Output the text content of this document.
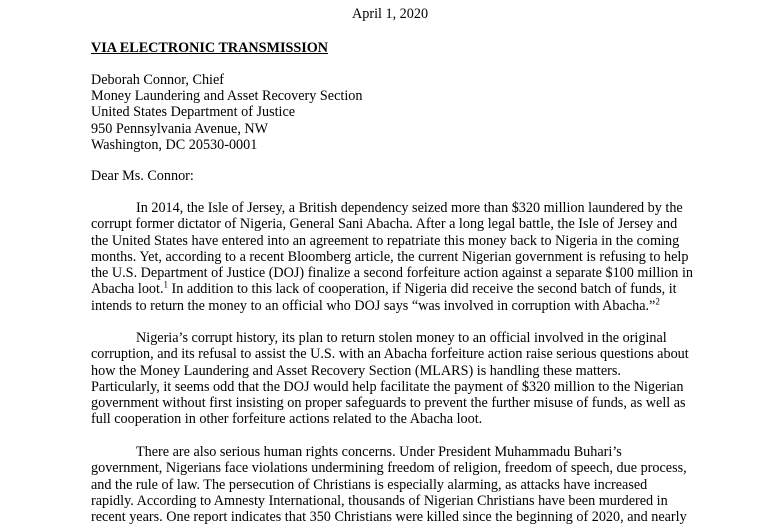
April 1, 2020
VIA ELECTRONIC TRANSMISSION
Deborah Connor, Chief
Money Laundering and Asset Recovery Section
United States Department of Justice
950 Pennsylvania Avenue, NW
Washington, DC 20530-0001
Dear Ms. Connor:
In 2014, the Isle of Jersey, a British dependency seized more than $320 million laundered by the
corrupt former dictator of Nigeria, General Sani Abacha. After a long legal battle, the Isle of Jersey and
the United States have entered into an agreement to repatriate this money back to Nigeria in the coming
months. Yet, according to a recent Bloomberg article, the current Nigerian government is refusing to help
the U.S. Department of Justice (DOJ) finalize a second forfeiture action against a separate $100 million in
Abacha loot.$^1$ In addition to this lack of cooperation, if Nigeria did receive the second batch of funds, it
intends to return the money to an official who DOJ says “was involved in corruption with Abacha.”$^2$
Nigeria’s corrupt history, its plan to return stolen money to an official involved in the original
corruption, and its refusal to assist the U.S. with an Abacha forfeiture action raise serious questions about
how the Money Laundering and Asset Recovery Section (MLARS) is handling these matters.
Particularly, it seems odd that the DOJ would help facilitate the payment of $320 million to the Nigerian
government without first insisting on proper safeguards to prevent the further misuse of funds, as well as
full cooperation in other forfeiture actions related to the Abacha loot.
There are also serious human rights concerns. Under President Muhammadu Buhari’s
government, Nigerians face violations undermining freedom of religion, freedom of speech, due process,
and the rule of law. The persecution of Christians is especially alarming, as attacks have increased
rapidly. According to Amnesty International, thousands of Nigerian Christians have been murdered in
recent years. One report indicates that 350 Christians were killed since the beginning of 2020, and nearly
